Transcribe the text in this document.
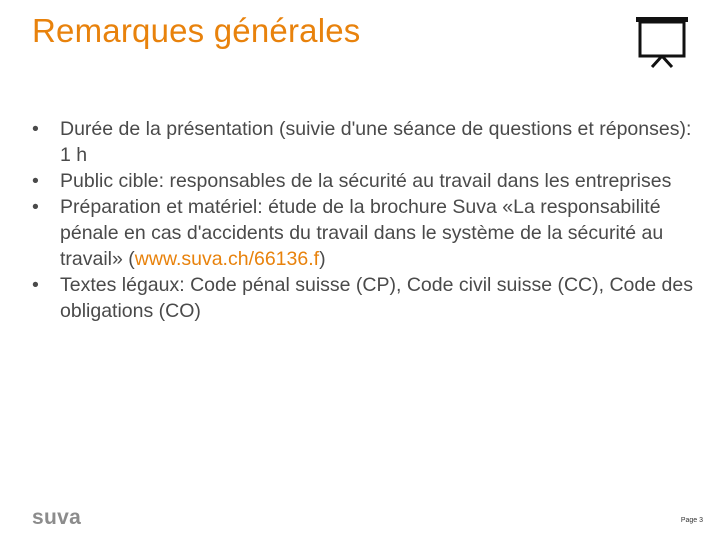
Remarques générales
• Durée de la présentation (suivie d'une séance de questions et réponses): 1 h
• Public cible: responsables de la sécurité au travail dans les entreprises
• Préparation et matériel: étude de la brochure Suva «La responsabilité pénale en cas d'accidents du travail dans le système de la sécurité au travail» (www.suva.ch/66136.f)
• Textes légaux: Code pénal suisse (CP), Code civil suisse (CC), Code des obligations (CO)
suva	Page 3
